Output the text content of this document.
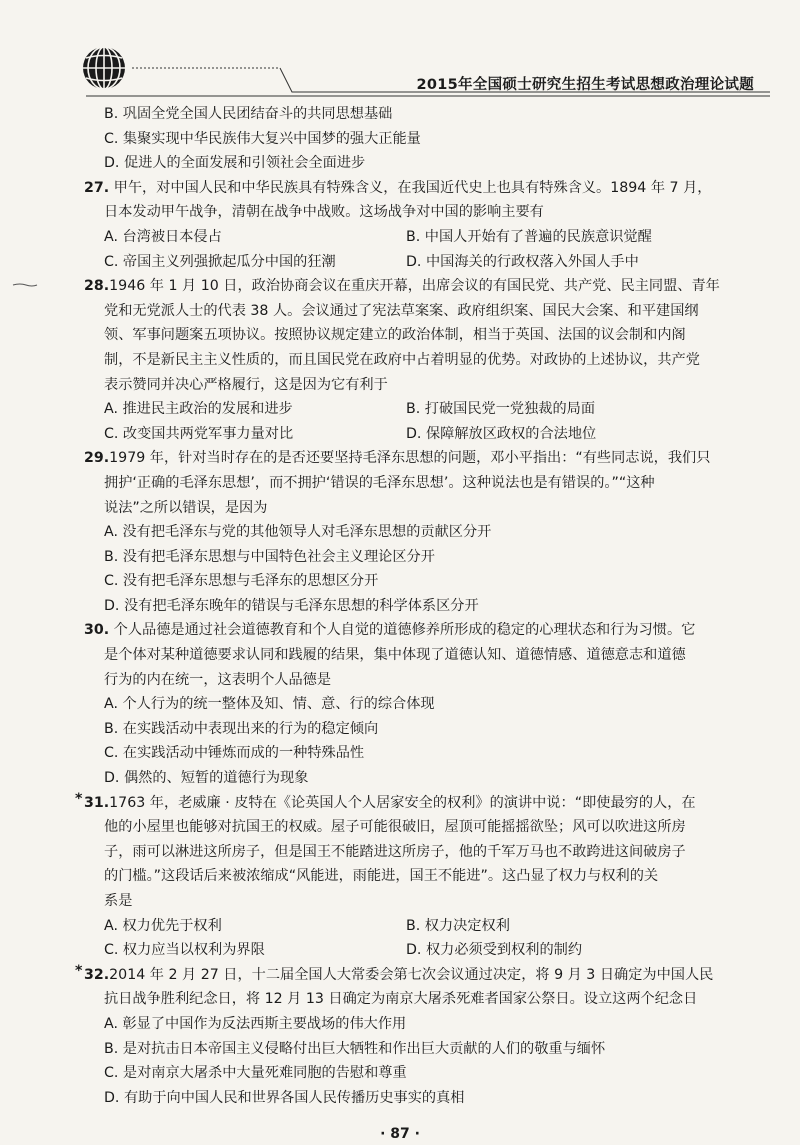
2015年全国硕士研究生招生考试思想政治理论试题
B. 巩固全党全国人民团结奋斗的共同思想基础
C. 集聚实现中华民族伟大复兴中国梦的强大正能量
D. 促进人的全面发展和引领社会全面进步
27. 甲午，对中国人民和中华民族具有特殊含义，在我国近代史上也具有特殊含义。1894 年 7 月，
日本发动甲午战争，清朝在战争中战败。这场战争对中国的影响主要有
A. 台湾被日本侵占	B. 中国人开始有了普遍的民族意识觉醒
C. 帝国主义列强掀起瓜分中国的狂潮	D. 中国海关的行政权落入外国人手中
28.1946 年 1 月 10 日，政治协商会议在重庆开幕，出席会议的有国民党、共产党、民主同盟、青年
党和无党派人士的代表 38 人。会议通过了宪法草案案、政府组织案、国民大会案、和平建国纲
领、军事问题案五项协议。按照协议规定建立的政治体制，相当于英国、法国的议会制和内阁
制，不是新民主主义性质的，而且国民党在政府中占着明显的优势。对政协的上述协议，共产党
表示赞同并决心严格履行，这是因为它有利于
A. 推进民主政治的发展和进步	B. 打破国民党一党独裁的局面
C. 改变国共两党军事力量对比	D. 保障解放区政权的合法地位
29.1979 年，针对当时存在的是否还要坚持毛泽东思想的问题，邓小平指出：“有些同志说，我们只
拥护‘正确的毛泽东思想’，而不拥护‘错误的毛泽东思想’。这种说法也是有错误的。”“这种
说法”之所以错误，是因为
A. 没有把毛泽东与党的其他领导人对毛泽东思想的贡献区分开
B. 没有把毛泽东思想与中国特色社会主义理论区分开
C. 没有把毛泽东思想与毛泽东的思想区分开
D. 没有把毛泽东晚年的错误与毛泽东思想的科学体系区分开
30. 个人品德是通过社会道德教育和个人自觉的道德修养所形成的稳定的心理状态和行为习惯。它
是个体对某种道德要求认同和践履的结果，集中体现了道德认知、道德情感、道德意志和道德
行为的内在统一，这表明个人品德是
A. 个人行为的统一整体及知、情、意、行的综合体现
B. 在实践活动中表现出来的行为的稳定倾向
C. 在实践活动中锤炼而成的一种特殊品性
D. 偶然的、短暂的道德行为现象
* 31.1763 年，老威廉 · 皮特在《论英国人个人居家安全的权利》的演讲中说：“即使最穷的人，在
他的小屋里也能够对抗国王的权威。屋子可能很破旧，屋顶可能摇摇欲坠；风可以吹进这所房
子，雨可以淋进这所房子，但是国王不能踏进这所房子，他的千军万马也不敢跨进这间破房子
的门槛。”这段话后来被浓缩成“风能进，雨能进，国王不能进”。这凸显了权力与权利的关
系是
A. 权力优先于权利	B. 权力决定权利
C. 权力应当以权利为界限	D. 权力必须受到权利的制约
* 32.2014 年 2 月 27 日，十二届全国人大常委会第七次会议通过决定，将 9 月 3 日确定为中国人民
抗日战争胜利纪念日，将 12 月 13 日确定为南京大屠杀死难者国家公祭日。设立这两个纪念日
A. 彰显了中国作为反法西斯主要战场的伟大作用
B. 是对抗击日本帝国主义侵略付出巨大牺牲和作出巨大贡献的人们的敬重与缅怀
C. 是对南京大屠杀中大量死难同胞的告慰和尊重
D. 有助于向中国人民和世界各国人民传播历史事实的真相
· 87 ·
